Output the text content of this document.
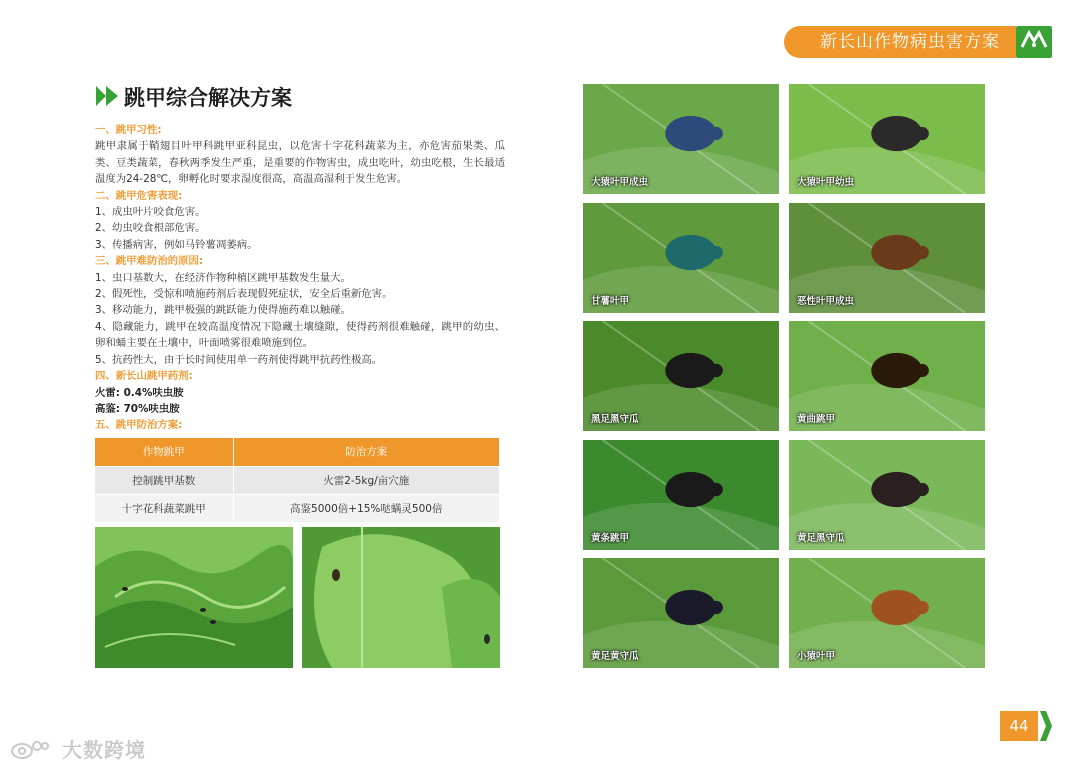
新长山作物病虫害方案
跳甲综合解决方案
一、跳甲习性:
跳甲隶属于鞘翅目叶甲科跳甲亚科昆虫，以危害十字花科蔬菜为主，亦危害茄果类、瓜类、豆类蔬菜，春秋两季发生严重，是重要的作物害虫，成虫吃叶，幼虫吃根，生长最适温度为24-28℃，卵孵化时要求湿度很高，高温高湿利于发生危害。
二、跳甲危害表现:
1、成虫叶片咬食危害。
2、幼虫咬食根部危害。
3、传播病害，例如马铃薯凋萎病。
三、跳甲难防治的原因:
1、虫口基数大，在经济作物种植区跳甲基数发生量大。
2、假死性，受惊和喷施药剂后表现假死症状，安全后重新危害。
3、移动能力，跳甲极强的跳跃能力使得施药难以触碰。
4、隐藏能力，跳甲在较高温度情况下隐藏土壤缝隙，使得药剂很难触碰，跳甲的幼虫、卵和蛹主要在土壤中，叶面喷雾很难喷施到位。
5、抗药性大，由于长时间使用单一药剂使得跳甲抗药性极高。
四、新长山跳甲药剂:
火雷: 0.4%呋虫胺
高鉴: 70%呋虫胺
五、跳甲防治方案:
作物跳甲	防治方案
控制跳甲基数	火雷2-5kg/亩穴施
十字花科蔬菜跳甲	高鉴5000倍+15%哒螨灵500倍
大猿叶甲成虫	大猿叶甲幼虫
甘薯叶甲	恶性叶甲成虫
黑足黑守瓜	黄曲跳甲
黄条跳甲	黄足黑守瓜
黄足黄守瓜	小猿叶甲
44
大数跨境
